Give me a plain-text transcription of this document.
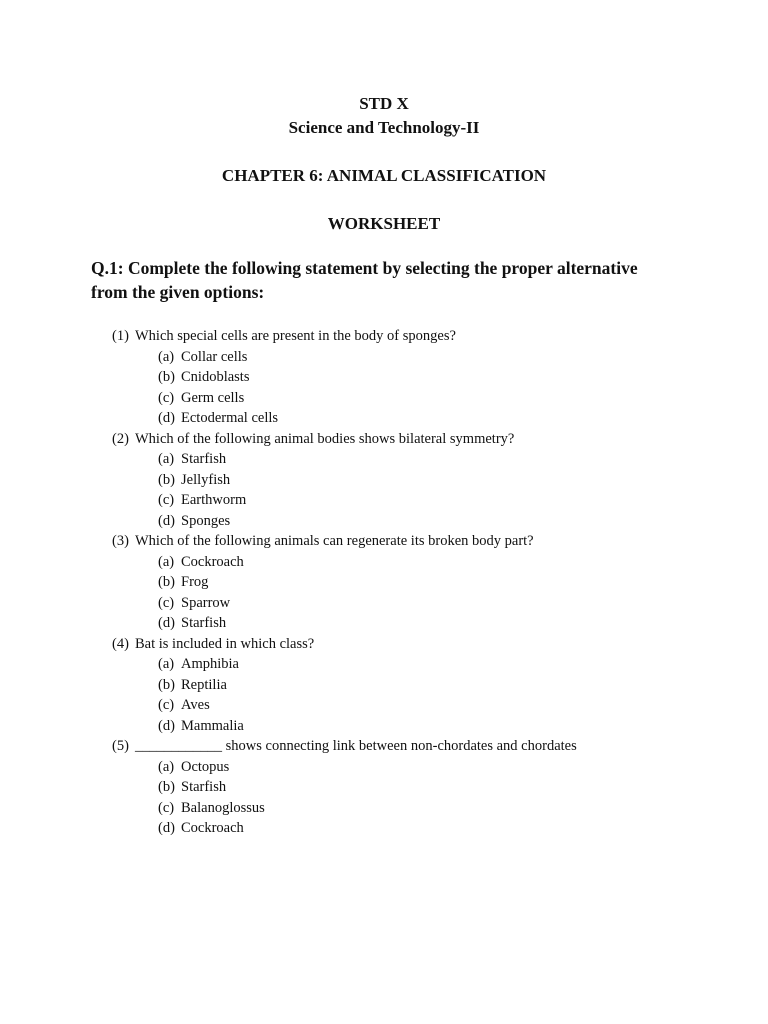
STD X
Science and Technology-II
CHAPTER 6: ANIMAL CLASSIFICATION
WORKSHEET
Q.1: Complete the following statement by selecting the proper alternative
from the given options:
(1) Which special cells are present in the body of sponges?
(a) Collar cells
(b) Cnidoblasts
(c) Germ cells
(d) Ectodermal cells
(2) Which of the following animal bodies shows bilateral symmetry?
(a) Starfish
(b) Jellyfish
(c) Earthworm
(d) Sponges
(3) Which of the following animals can regenerate its broken body part?
(a) Cockroach
(b) Frog
(c) Sparrow
(d) Starfish
(4) Bat is included in which class?
(a) Amphibia
(b) Reptilia
(c) Aves
(d) Mammalia
(5) ____________ shows connecting link between non-chordates and chordates
(a) Octopus
(b) Starfish
(c) Balanoglossus
(d) Cockroach
